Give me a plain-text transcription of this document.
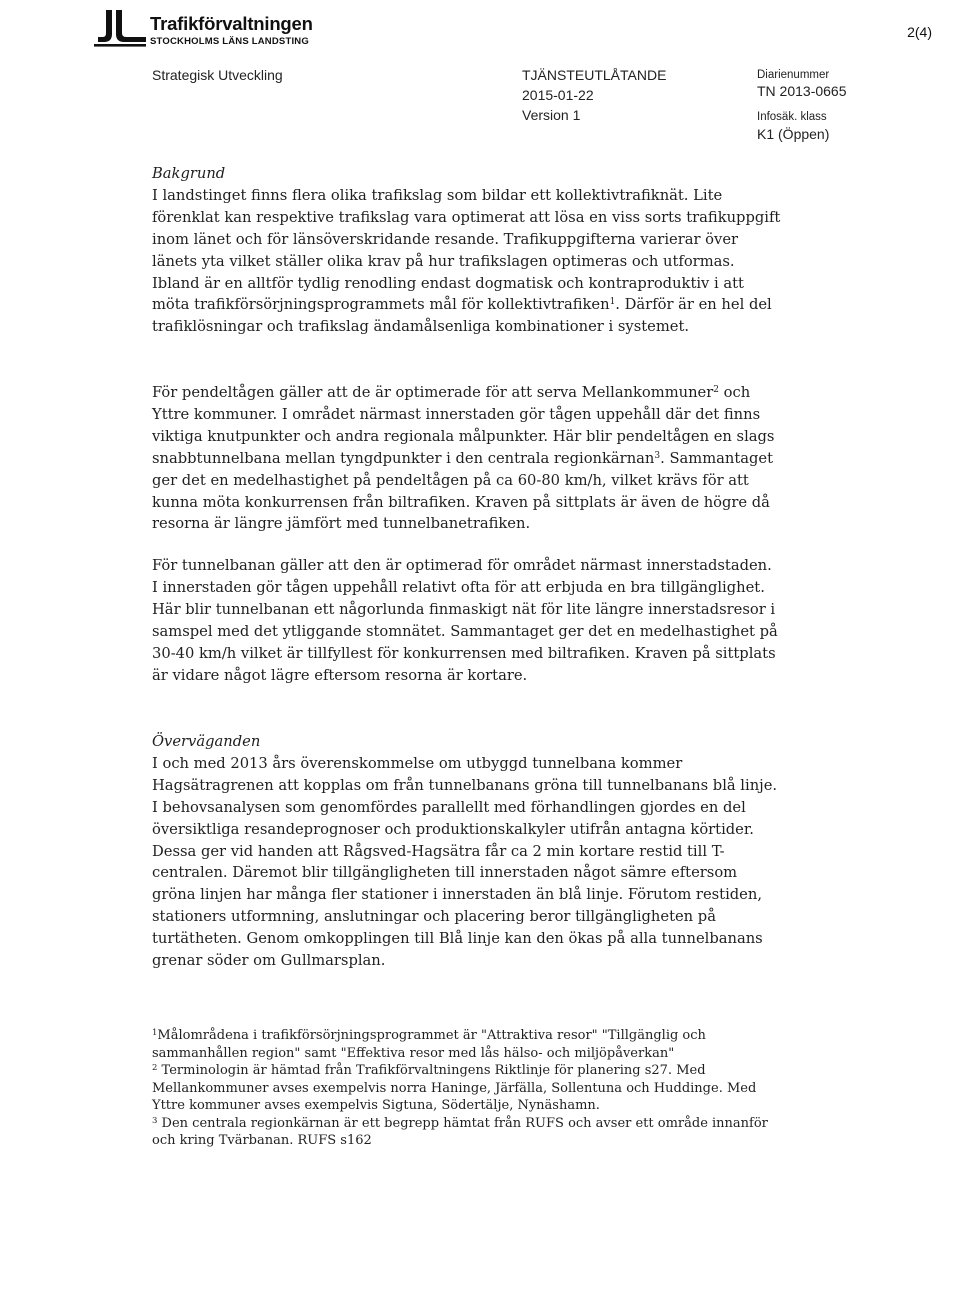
Trafikförvaltningen
STOCKHOLMS LÄNS LANDSTING
2(4)
Strategisk Utveckling	TJÄNSTEUTLÅTANDE
2015-01-22
Version 1
Diarienummer
TN 2013-0665
Infosäk. klass
K1 (Öppen)

Bakgrund

I landstinget finns flera olika trafikslag som bildar ett kollektivtrafiknät. Lite förenklat kan respektive trafikslag vara optimerat att lösa en viss sorts trafikuppgift inom länet och för länsöverskridande resande. Trafikuppgifterna varierar över länets yta vilket ställer olika krav på hur trafikslagen optimeras och utformas. Ibland är en alltför tydlig renodling endast dogmatisk och kontraproduktiv i att möta trafikförsörjningsprogrammets mål för kollektivtrafiken$^1$. Därför är en hel del trafiklösningar och trafikslag ändamålsenliga kombinationer i systemet.

För pendeltågen gäller att de är optimerade för att serva Mellankommuner$^2$ och Yttre kommuner. I området närmast innerstaden gör tågen uppehåll där det finns viktiga knutpunkter och andra regionala målpunkter. Här blir pendeltågen en slags snabbtunnelbana mellan tyngdpunkter i den centrala regionkärnan$^3$. Sammantaget ger det en medelhastighet på pendeltågen på ca 60-80 km/h, vilket krävs för att kunna möta konkurrensen från biltrafiken. Kraven på sittplats är även de högre då resorna är längre jämfört med tunnelbanetrafiken.

För tunnelbanan gäller att den är optimerad för området närmast innerstadstaden. I innerstaden gör tågen uppehåll relativt ofta för att erbjuda en bra tillgänglighet. Här blir tunnelbanan ett någorlunda finmaskigt nät för lite längre innerstadsresor i samspel med det ytliggande stomnätet. Sammantaget ger det en medelhastighet på 30-40 km/h vilket är tillfyllest för konkurrensen med biltrafiken. Kraven på sittplats är vidare något lägre eftersom resorna är kortare.

Överväganden

I och med 2013 års överenskommelse om utbyggd tunnelbana kommer Hagsätragrenen att kopplas om från tunnelbanans gröna till tunnelbanans blå linje. I behovsanalysen som genomfördes parallellt med förhandlingen gjordes en del översiktliga resandeprognoser och produktionskalkyler utifrån antagna körtider. Dessa ger vid handen att Rågsved-Hagsätra får ca 2 min kortare restid till T-centralen. Däremot blir tillgängligheten till innerstaden något sämre eftersom gröna linjen har många fler stationer i innerstaden än blå linje. Förutom restiden, stationers utformning, anslutningar och placering beror tillgängligheten på turtätheten. Genom omkopplingen till Blå linje kan den ökas på alla tunnelbanans grenar söder om Gullmarsplan.

$^1$Målområdena i trafikförsörjningsprogrammet är "Attraktiva resor" "Tillgänglig och sammanhållen region" samt "Effektiva resor med lås hälso- och miljöpåverkan"

$^2$ Terminologin är hämtad från Trafikförvaltningens Riktlinje för planering s27. Med Mellankommuner avses exempelvis norra Haninge, Järfälla, Sollentuna och Huddinge. Med Yttre kommuner avses exempelvis Sigtuna, Södertälje, Nynäshamn.

$^3$ Den centrala regionkärnan är ett begrepp hämtat från RUFS och avser ett område innanför och kring Tvärbanan. RUFS s162
